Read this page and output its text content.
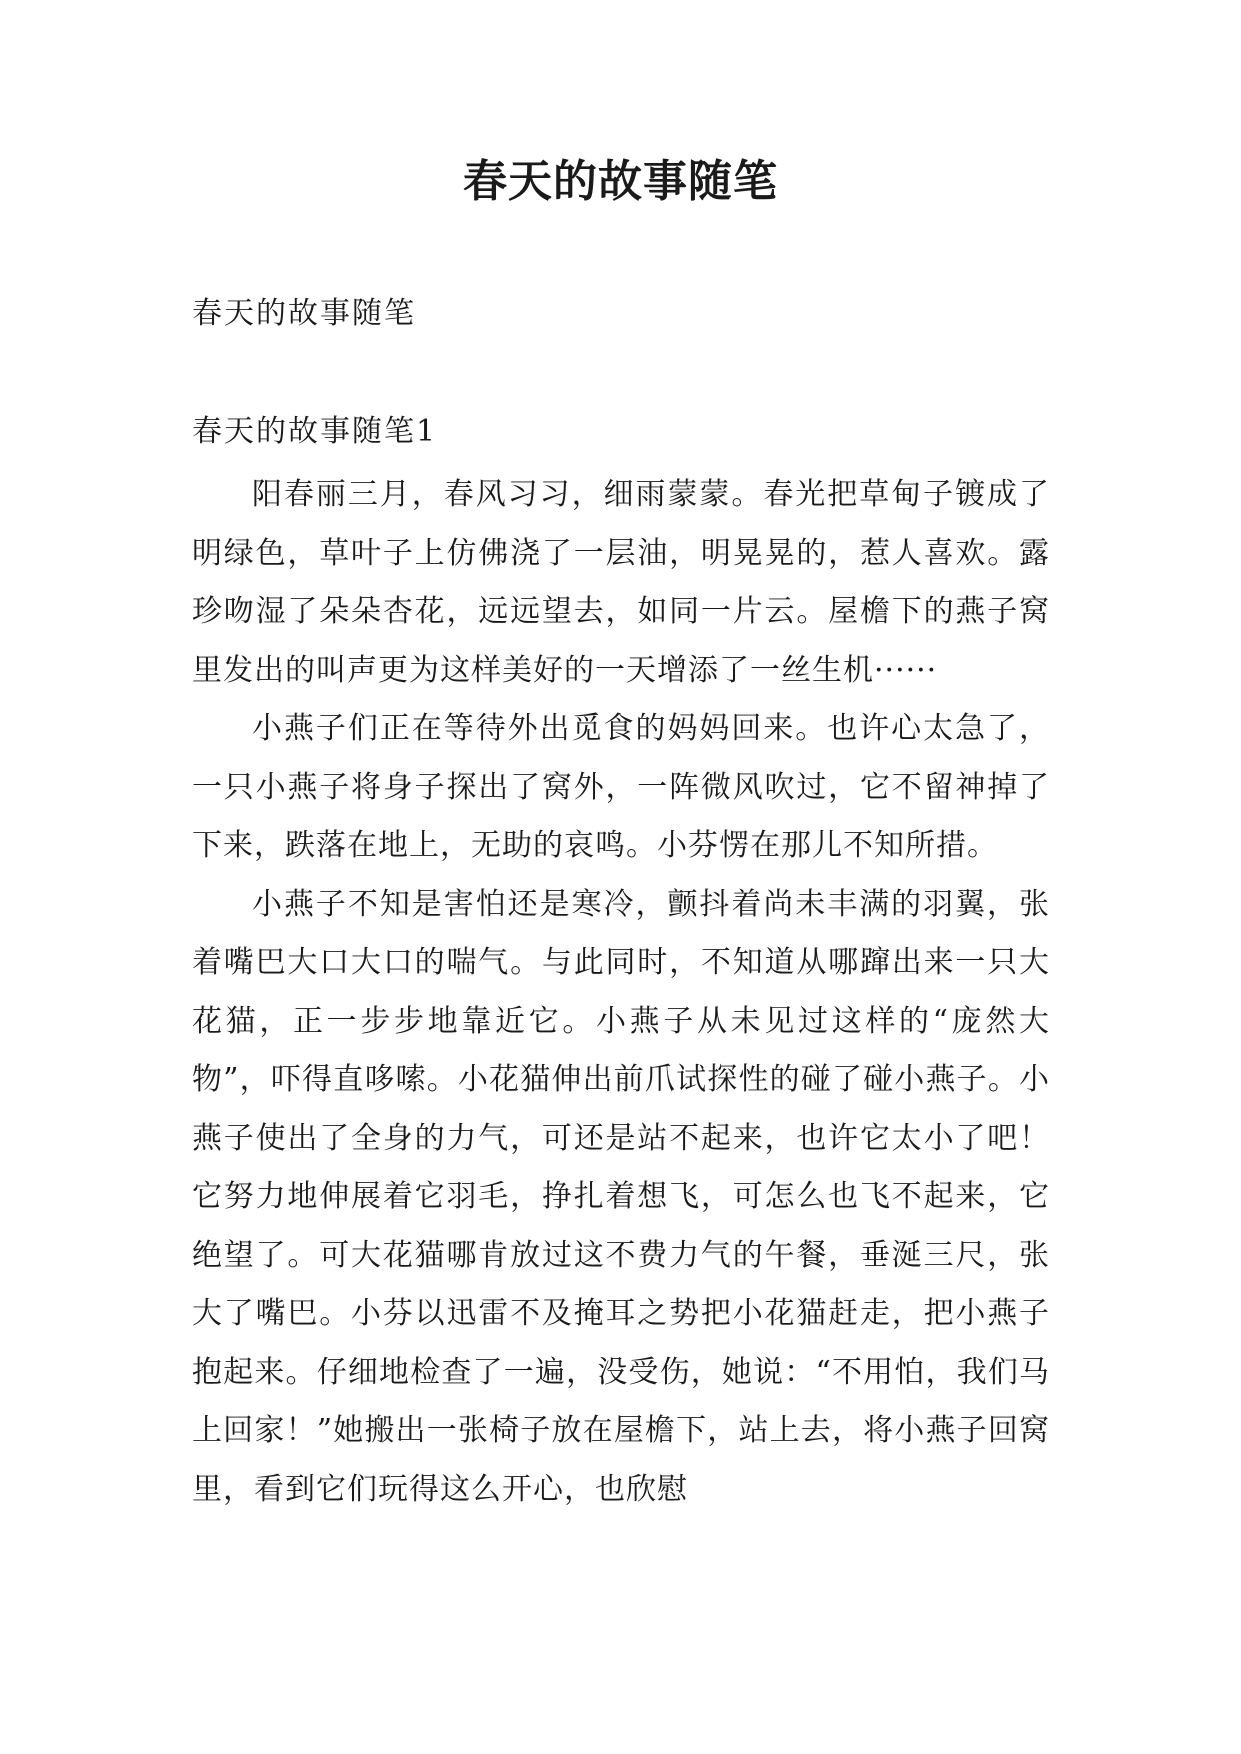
春天的故事随笔

春天的故事随笔

春天的故事随笔1

阳春丽三月，春风习习，细雨蒙蒙。春光把草甸子镀成了明绿色，草叶子上仿佛浇了一层油，明晃晃的，惹人喜欢。露珍吻湿了朵朵杏花，远远望去，如同一片云。屋檐下的燕子窝里发出的叫声更为这样美好的一天增添了一丝生机······

小燕子们正在等待外出觅食的妈妈回来。也许心太急了，一只小燕子将身子探出了窝外，一阵微风吹过，它不留神掉了下来，跌落在地上，无助的哀鸣。小芬愣在那儿不知所措。

小燕子不知是害怕还是寒冷，颤抖着尚未丰满的羽翼，张着嘴巴大口大口的喘气。与此同时，不知道从哪蹿出来一只大花猫，正一步步地靠近它。小燕子从未见过这样的“庞然大物”，吓得直哆嗦。小花猫伸出前爪试探性的碰了碰小燕子。小燕子使出了全身的力气，可还是站不起来，也许它太小了吧！它努力地伸展着它羽毛，挣扎着想飞，可怎么也飞不起来，它绝望了。可大花猫哪肯放过这不费力气的午餐，垂涎三尺，张大了嘴巴。小芬以迅雷不及掩耳之势把小花猫赶走，把小燕子抱起来。仔细地检查了一遍，没受伤，她说：“不用怕，我们马上回家！”她搬出一张椅子放在屋檐下，站上去，将小燕子回窝里，看到它们玩得这么开心，也欣慰
